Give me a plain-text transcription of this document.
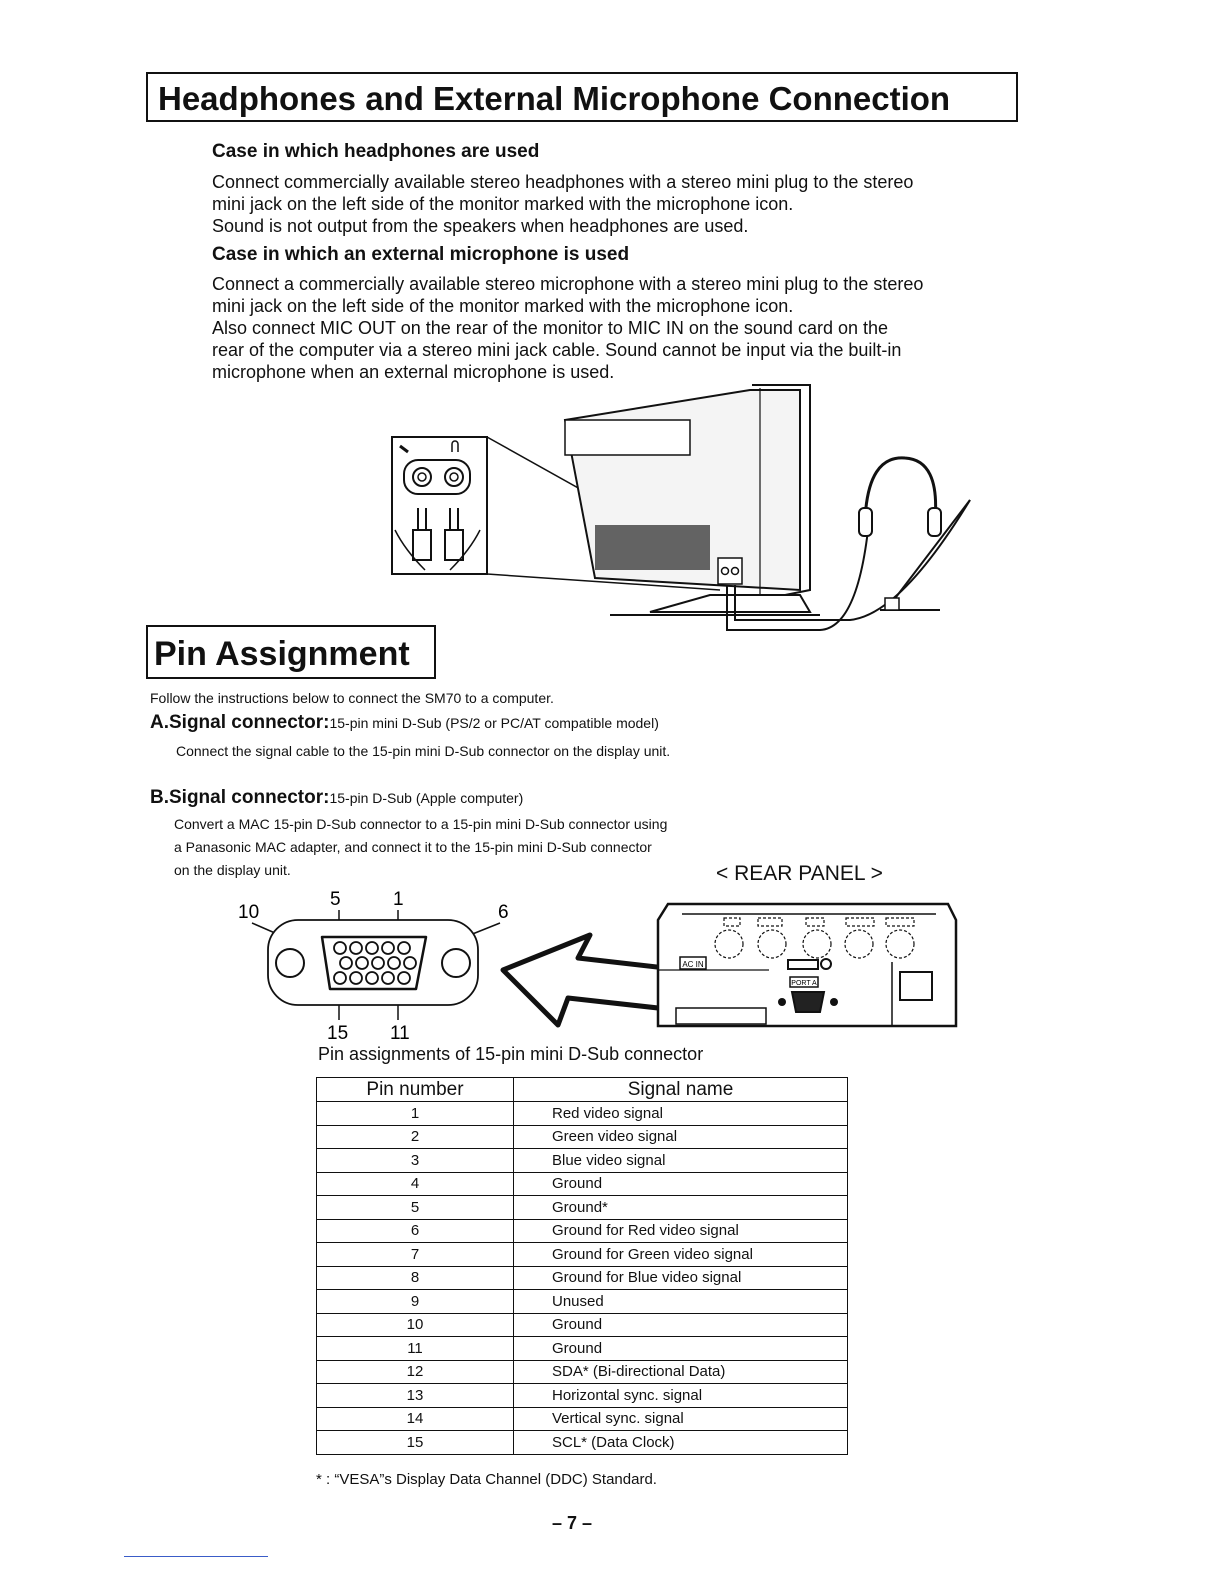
Headphones and External Microphone Connection
Case in which headphones are used
Connect commercially available stereo headphones with a stereo mini plug to the stereo
mini jack on the left side of the monitor marked with the microphone icon.
Sound is not output from the speakers when headphones are used.
Case in which an external microphone is used
Connect a commercially available stereo microphone with a stereo mini plug to the stereo
mini jack on the left side of the monitor marked with the microphone icon.
Also connect MIC OUT on the rear of the monitor to MIC IN on the sound card on the
rear of the computer via a stereo mini jack cable. Sound cannot be input via the built-in
microphone when an external microphone is used.
Pin Assignment
Follow the instructions below to connect the SM70 to a computer.
A.Signal connector:15-pin mini D-Sub (PS/2 or PC/AT compatible model)
Connect the signal cable to the 15-pin mini D-Sub connector on the display unit.
B.Signal connector:15-pin D-Sub (Apple computer)
Convert a MAC 15-pin D-Sub connector to a 15-pin mini D-Sub connector using
a Panasonic MAC adapter, and connect it to the 15-pin mini D-Sub connector
on the display unit.	< REAR PANEL >
10
5	1
6
15 11
AC IN
PORT A
Pin assignments of 15-pin mini D-Sub connector
Pin number	Signal name
1	Red video signal
2	Green video signal
3	Blue video signal
4	Ground
5	Ground*
6	Ground for Red video signal
7	Ground for Green video signal
8	Ground for Blue video signal
9	Unused
10	Ground
11	Ground
12	SDA* (Bi-directional Data)
13	Horizontal sync. signal
14	Vertical sync. signal
15	SCL* (Data Clock)
* : “VESA”s Display Data Channel (DDC) Standard.
– 7 –
